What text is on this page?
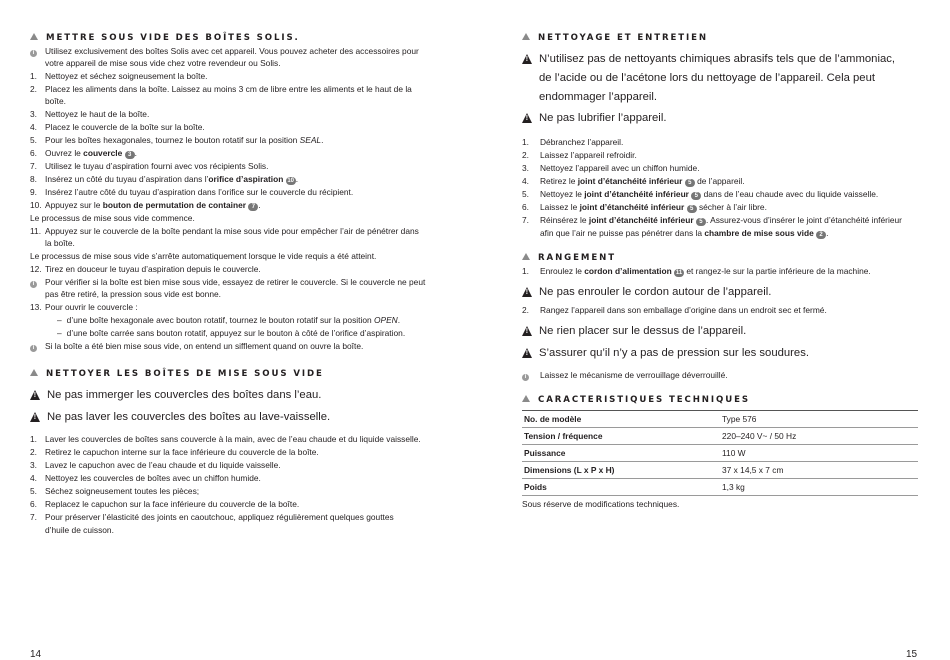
METTRE SOUS VIDE DES BOÎTES SOLIS.
i	Utilisez exclusivement des boîtes Solis avec cet appareil. Vous pouvez acheter des accessoires pour
votre appareil de mise sous vide chez votre revendeur ou Solis.
1. Nettoyez et séchez soigneusement la boîte.
2. Placez les aliments dans la boîte. Laissez au moins 3 cm de libre entre les aliments et le haut de la
boîte.
3. Nettoyez le haut de la boîte.
4. Placez le couvercle de la boîte sur la boîte.
5. Pour les boîtes hexagonales, tournez le bouton rotatif sur la position SEAL.
6. Ouvrez le couvercle 3 .
7. Utilisez le tuyau d’aspiration fourni avec vos récipients Solis.
8. Insérez un côté du tuyau d’aspiration dans l’orifice d’aspiration 10 .
9. Insérez l’autre côté du tuyau d’aspiration dans l’orifice sur le couvercle du récipient.
10. Appuyez sur le bouton de permutation de container 7 .
Le processus de mise sous vide commence.
11. Appuyez sur le couvercle de la boîte pendant la mise sous vide pour empêcher l’air de pénétrer dans
la boîte.
Le processus de mise sous vide s’arrête automatiquement lorsque le vide requis a été atteint.
12. Tirez en douceur le tuyau d’aspiration depuis le couvercle.
i	Pour vérifier si la boîte est bien mise sous vide, essayez de retirer le couvercle. Si le couvercle ne peut
pas être retiré, la pression sous vide est bonne.
13. Pour ouvrir le couvercle :
– d’une boîte hexagonale avec bouton rotatif, tournez le bouton rotatif sur la position OPEN.
– d’une boîte carrée sans bouton rotatif, appuyez sur le bouton à côté de l’orifice d’aspiration.
i	Si la boîte a été bien mise sous vide, on entend un sifflement quand on ouvre la boîte.
NETTOYER LES BOÎTES DE MISE SOUS VIDE
!
Ne pas immerger les couvercles des boîtes dans l’eau.
!
Ne pas laver les couvercles des boîtes au lave-vaisselle.
1. Laver les couvercles de boîtes sans couvercle à la main, avec de l’eau chaude et du liquide vaisselle.
2. Retirez le capuchon interne sur la face inférieure du couvercle de la boîte.
3. Lavez le capuchon avec de l’eau chaude et du liquide vaisselle.
4. Nettoyez les couvercles de boîtes avec un chiffon humide.
5. Séchez soigneusement toutes les pièces;
6. Replacez le capuchon sur la face inférieure du couvercle de la boîte.
7. Pour préserver l’élasticité des joints en caoutchouc, appliquez régulièrement quelques gouttes
d’huile de cuisson.
14
NETTOYAGE ET ENTRETIEN
!
N’utilisez pas de nettoyants chimiques abrasifs tels que de l’ammoniac,
de l’acide ou de l’acétone lors du nettoyage de l’appareil. Cela peut
endommager l’appareil.
!
Ne pas lubrifier l’appareil.
1.	Débranchez l’appareil.
2.	Laissez l’appareil refroidir.
3.	Nettoyez l’appareil avec un chiffon humide.
4.	Retirez le joint d’étanchéité inférieur 5 de l’appareil.
5.	Nettoyez le joint d’étanchéité inférieur 5 dans de l’eau chaude avec du liquide vaisselle.
6.	Laissez le joint d’étanchéité inférieur 5 sécher à l’air libre.
7.	Réinsérez le joint d’étanchéité inférieur 5 . Assurez-vous d’insérer le joint d’étanchéité inférieur
afin que l’air ne puisse pas pénétrer dans la chambre de mise sous vide 2 .
RANGEMENT
1.	Enroulez le cordon d’alimentation 11 et rangez-le sur la partie inférieure de la machine.
!
Ne pas enrouler le cordon autour de l’appareil.
2.	Rangez l’appareil dans son emballage d’origine dans un endroit sec et fermé.
!
Ne rien placer sur le dessus de l’appareil.
!
S’assurer qu’il n’y a pas de pression sur les soudures.
i	Laissez le mécanisme de verrouillage déverrouillé.
CARACTERISTIQUES TECHNIQUES
No. de modèle	Type 576
Tension / fréquence	220–240 V~ / 50 Hz
Puissance	110 W
Dimensions (L x P x H)	37 x 14,5 x 7 cm
Poids	1,3 kg
Sous réserve de modifications techniques.
15
